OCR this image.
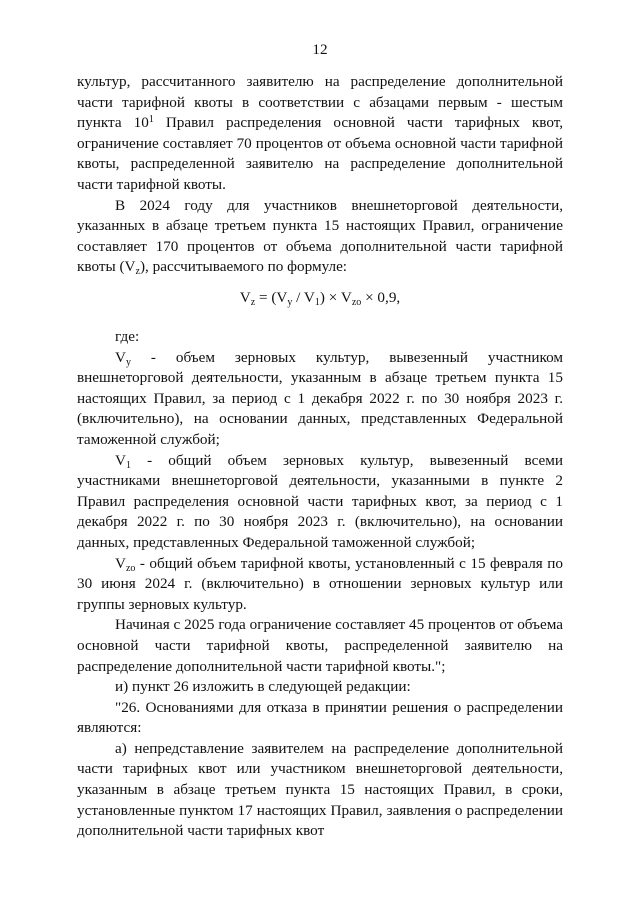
12

культур, рассчитанного заявителю на распределение дополнительной части тарифной квоты в соответствии с абзацами первым - шестым пункта $10^1$ Правил распределения основной части тарифных квот, ограничение составляет 70 процентов от объема основной части тарифной квоты, распределенной заявителю на распределение дополнительной части тарифной квоты.

В 2024 году для участников внешнеторговой деятельности, указанных в абзаце третьем пункта 15 настоящих Правил, ограничение составляет 170 процентов от объема дополнительной части тарифной квоты $(V_z)$, рассчитываемого по формуле:

$V_z = (V_y / V_1) \times V_{zo} \times 0,9$,

где:

$V_y$ - объем зерновых культур, вывезенный участником внешнеторговой деятельности, указанным в абзаце третьем пункта 15 настоящих Правил, за период с 1 декабря 2022 г. по 30 ноября 2023 г. (включительно), на основании данных, представленных Федеральной таможенной службой;

$V_1$ - общий объем зерновых культур, вывезенный всеми участниками внешнеторговой деятельности, указанными в пункте 2 Правил распределения основной части тарифных квот, за период с 1 декабря 2022 г. по 30 ноября 2023 г. (включительно), на основании данных, представленных Федеральной таможенной службой;

$V_{zo}$ - общий объем тарифной квоты, установленный с 15 февраля по 30 июня 2024 г. (включительно) в отношении зерновых культур или группы зерновых культур.

Начиная с 2025 года ограничение составляет 45 процентов от объема основной части тарифной квоты, распределенной заявителю на распределение дополнительной части тарифной квоты.";

и) пункт 26 изложить в следующей редакции:

"26. Основаниями для отказа в принятии решения о распределении являются:

а) непредставление заявителем на распределение дополнительной части тарифных квот или участником внешнеторговой деятельности, указанным в абзаце третьем пункта 15 настоящих Правил, в сроки, установленные пунктом 17 настоящих Правил, заявления о распределении дополнительной части тарифных квот
